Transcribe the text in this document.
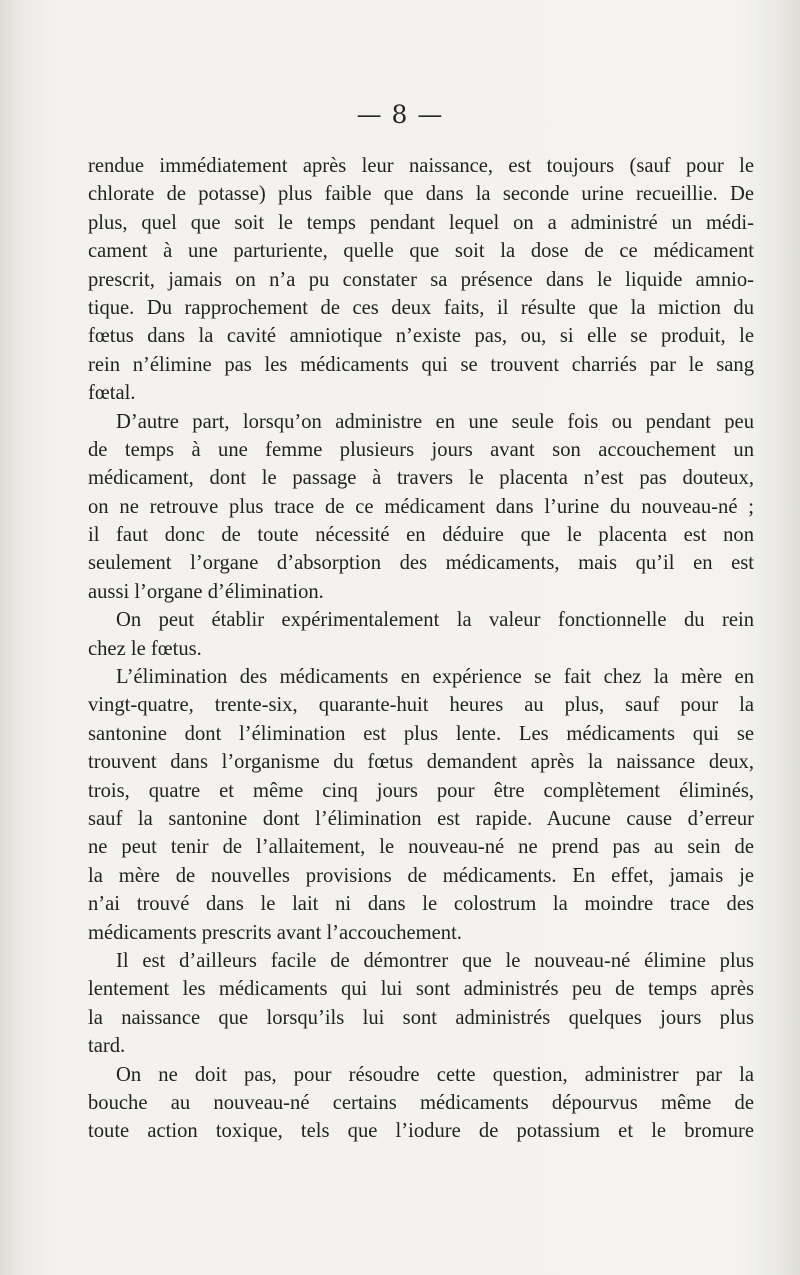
— 8 —
rendue immédiatement après leur naissance, est toujours (sauf pour le
chlorate de potasse) plus faible que dans la seconde urine recueillie. De
plus, quel que soit le temps pendant lequel on a administré un médi-
cament à une parturiente, quelle que soit la dose de ce médicament
prescrit, jamais on n’a pu constater sa présence dans le liquide amnio-
tique. Du rapprochement de ces deux faits, il résulte que la miction du
fœtus dans la cavité amniotique n’existe pas, ou, si elle se produit, le
rein n’élimine pas les médicaments qui se trouvent charriés par le sang
fœtal.
D’autre part, lorsqu’on administre en une seule fois ou pendant peu
de temps à une femme plusieurs jours avant son accouchement un
médicament, dont le passage à travers le placenta n’est pas douteux,
on ne retrouve plus trace de ce médicament dans l’urine du nouveau-né ;
il faut donc de toute nécessité en déduire que le placenta est non
seulement l’organe d’absorption des médicaments, mais qu’il en est
aussi l’organe d’élimination.
On peut établir expérimentalement la valeur fonctionnelle du rein
chez le fœtus.
L’élimination des médicaments en expérience se fait chez la mère en
vingt-quatre, trente-six, quarante-huit heures au plus, sauf pour la
santonine dont l’élimination est plus lente. Les médicaments qui se
trouvent dans l’organisme du fœtus demandent après la naissance deux,
trois, quatre et même cinq jours pour être complètement éliminés,
sauf la santonine dont l’élimination est rapide. Aucune cause d’erreur
ne peut tenir de l’allaitement, le nouveau-né ne prend pas au sein de
la mère de nouvelles provisions de médicaments. En effet, jamais je
n’ai trouvé dans le lait ni dans le colostrum la moindre trace des
médicaments prescrits avant l’accouchement.
Il est d’ailleurs facile de démontrer que le nouveau-né élimine plus
lentement les médicaments qui lui sont administrés peu de temps après
la naissance que lorsqu’ils lui sont administrés quelques jours plus
tard.
On ne doit pas, pour résoudre cette question, administrer par la
bouche au nouveau-né certains médicaments dépourvus même de
toute action toxique, tels que l’iodure de potassium et le bromure
